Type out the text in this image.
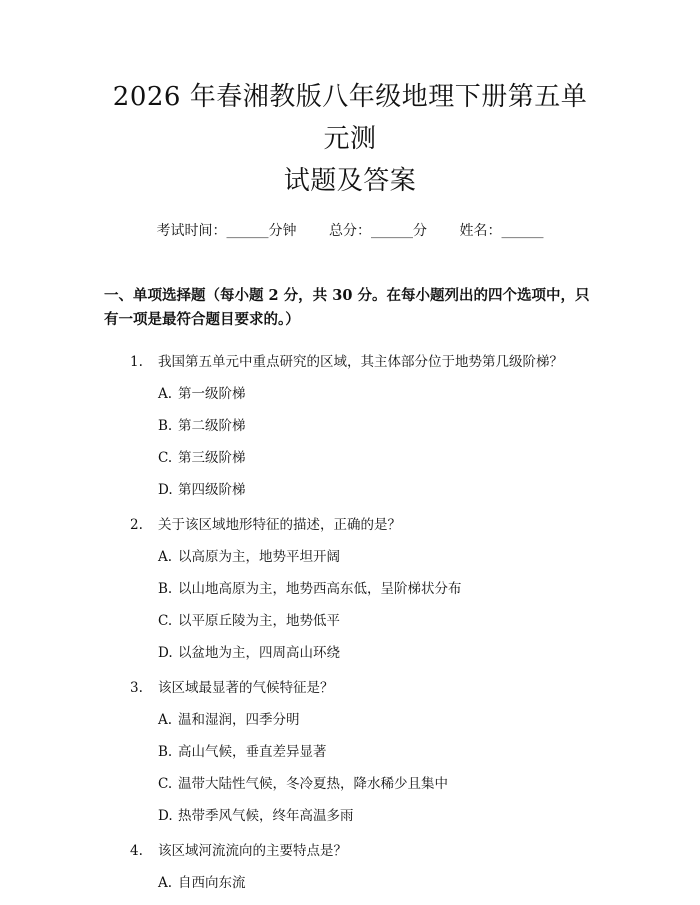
2026 年春湘教版八年级地理下册第五单元测
试题及答案
考试时间：______分钟 总分：______分 姓名：______
一、单项选择题（每小题 2 分，共 30 分。在每小题列出的四个选项中，只有一项是最符合题目要求的。）
1.	我国第五单元中重点研究的区域，其主体部分位于地势第几级阶梯？
A. 第一级阶梯
B. 第二级阶梯
C. 第三级阶梯
D. 第四级阶梯
2.	关于该区域地形特征的描述，正确的是？
A. 以高原为主，地势平坦开阔
B. 以山地高原为主，地势西高东低，呈阶梯状分布
C. 以平原丘陵为主，地势低平
D. 以盆地为主，四周高山环绕
3.	该区域最显著的气候特征是？
A. 温和湿润，四季分明
B. 高山气候，垂直差异显著
C. 温带大陆性气候，冬冷夏热，降水稀少且集中
D. 热带季风气候，终年高温多雨
4.	该区域河流流向的主要特点是？
A. 自西向东流
